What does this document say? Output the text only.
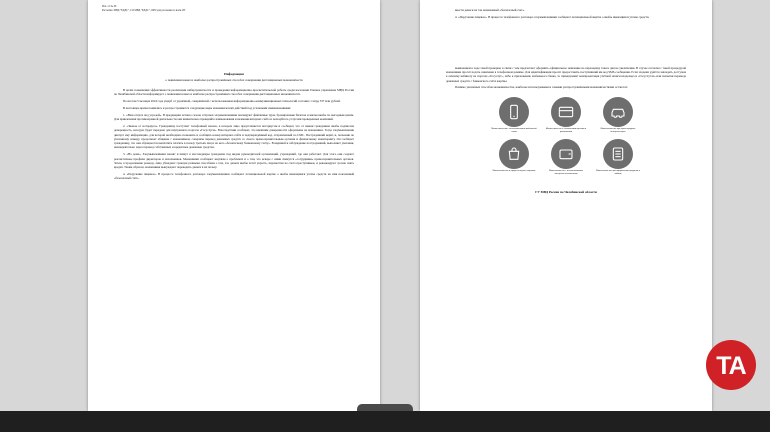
Исх. от № 00
Рассылка: МВД "ЕДДС", СО МВД "ЕДДС", ОРО для рассылки по всем ОУ
Информация
о появлении новых и наиболее распространённых способах совершения дистанционных мошенничеств

В целях повышения эффективности реализации киберграмотности и проведения информационно-просветительской работы среди населения Главное управление МВД России по Челябинской области информирует о появлении новых и наиболее распространённых способах совершения дистанционных мошенничеств.

По итогам 5 месяцев 2024 года ущерб от удалённой, совершённой с использованием информационно-коммуникационных технологий составил 1 млрд 337 млн рублей.

В настоящее время появились и распространяются следующие виды мошеннических действий под условными наименованиями:

1. «Ваш отпуск под угрозой». В преддверии летнего сезона отпусков злоумышленники маскируют фиктивные туры, бронирование билетов и жилья якобы по выгодным ценам. Для привлечения противоправной деятельности они внимательно проверяйте наименования и названия интернет-сайта и пользуйтесь услугами проверенных компаний.

2. «Звонок от нотариуса». Гражданину поступает телефонный звонок, в котором лицо представляется нотариусом и сообщает, что от имени гражданина якобы подписана доверенность, которую будет передана для внутреннего портала «Госуслуги». Впоследствии сообщает, что внешним доверенности оформлены на мошенника. Тогда злоумышленник диктует ему информацию, для которой необходимо позвонить и сообщить номер интернет-сайта и подтверждённый код, отправленный по СМС. Пострадавший верит, и, позвонив по указанному номеру, продолжает общение с мошенником, совершая перевод денежных средств со своего правоохранительным органам и финансовому мониторингу. Он сообщает гражданину, что они обращаются выплатить платить в пользу третьих лиц и на него «безопасному банковскому счёту». В видимой и заблуждение пострадавший, выполняет указания, жизнедеятельно через перевод собственных и кредитные денежные средства.

3. «На дома». Злоумышленники звонят и пишут в мессенджеры гражданам под видом руководителей организаций, учреждений, где они работают. Для этого они создают реалистичные профили директоров и начальников. Мошенники сообщают жертвам о проблемах и о том, что вскоре с ними свяжутся «сотрудники» правоохранительных органов. Затем, в продолжение развода, лица убеждают граждан разными способами о том, что деньги якобы хотят украсть, переместив на счета преступников, и рекомендуют срочно взять кредит. Таким образом, мошенники вынуждают переводить деньги в их пользу.

4. «Поручение лицевое». В процессе телефонного разговора злоумышленники сообщают потенциальной жертве о якобы имеющимся утечке средств на имя показанный «безопасный счёт».

внести деньги на так называемый «безопасный счет».

4. «Поручение лицевое». В процессе телефонного разговора злоумышленники сообщают потенциальной жертве о якобы имеющимся утечке средств.

выявлением в ходе такой проверки, в связи с чем предлагают оформить официальное заявление на переоценку такого дня не увеличения. В случае согласия с такой процедурой мошенники просят подать заявление в телефонном режиме. Для идентификации просят предоставить поступивший им код SMS-сообщения. Если злодеям удаётся завладеть доступом к личному кабинету на портале «Госуслуг», либо к приложению мобильного банка, то принадлежит компрометация учётной записи владельца и «Госуслугах» или попытки перевода денежных средств с банковского счёта жертвы.

Помимо указанных способов мошенничества, наиболее используемыми и самыми распространёнными мошенничествами остаются:

Мошенничество с использованием мобильной связи
Мошенничество с банковскими картами и реквизитами
Мошенничество при купле-продаже автотранспорта
Мошенничество в сфере интернет-торговли	Мошенничество с использованием электронных кошельков
Мошенничество при оформлении кредитов и займов
ГУ МВД России по Челябинской области
TA
